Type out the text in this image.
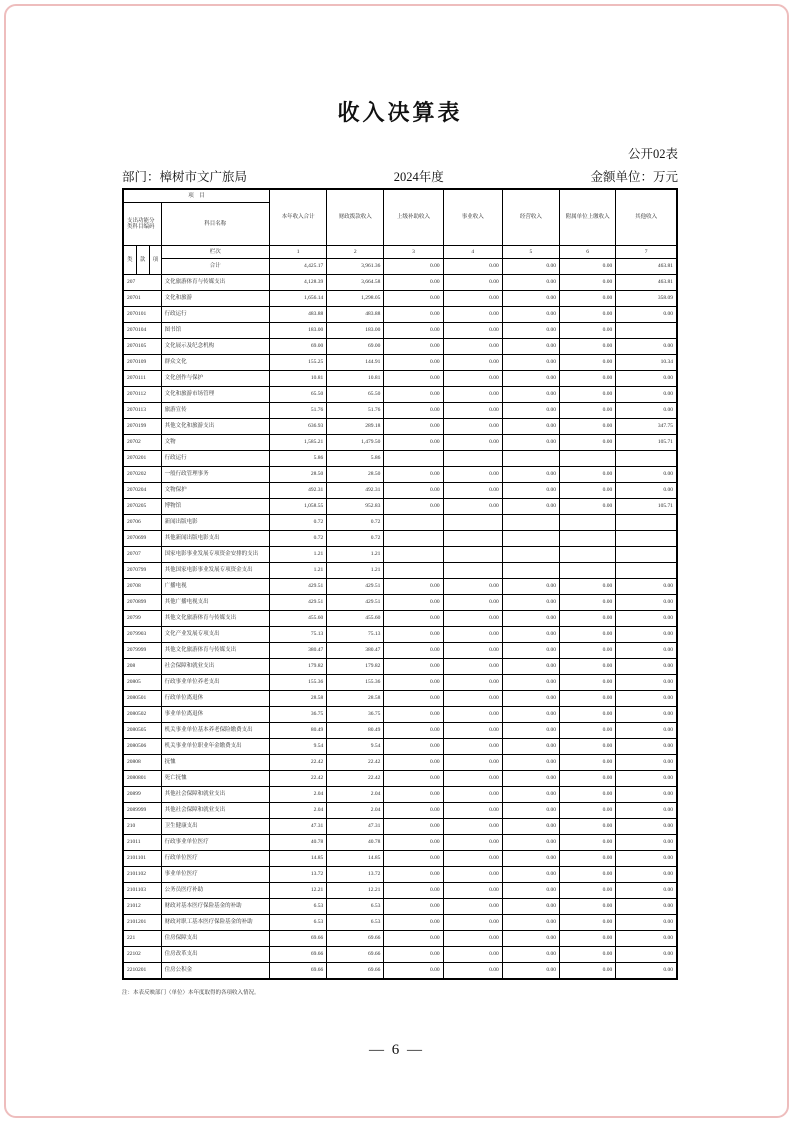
收入决算表
公开02表
部门：樟树市文广旅局	2024年度	金额单位：万元
项　目				本年收入合计	财政拨款收入	上级补助收入	事业收入	经营收入	附属单位上缴收入	其他收入
支出功能分 类科目编码			科目名称							
类	款	项	栏次	1	2	3	4	5	6	7
			合计	4,425.17	3,961.36	0.00	0.00	0.00	0.00	463.81
207			文化旅游体育与传媒支出	4,128.39	3,664.58	0.00	0.00	0.00	0.00	463.81
20701			文化和旅游	1,656.14	1,298.05	0.00	0.00	0.00	0.00	358.09
2070101			行政运行	483.88	483.88	0.00	0.00	0.00	0.00	0.00
2070104			图书馆	183.00	183.00	0.00	0.00	0.00	0.00	
2070105			文化展示及纪念机构	69.00	69.00	0.00	0.00	0.00	0.00	0.00
2070109			群众文化	155.25	144.91	0.00	0.00	0.00	0.00	10.34
2070111			文化创作与保护	10.81	10.81	0.00	0.00	0.00	0.00	0.00
2070112			文化和旅游市场管理	65.50	65.50	0.00	0.00	0.00	0.00	0.00
2070113			旅游宣传	51.76	51.76	0.00	0.00	0.00	0.00	0.00
2070199			其他文化和旅游支出	636.93	289.18	0.00	0.00	0.00	0.00	347.75
20702			文物	1,585.21	1,479.50	0.00	0.00	0.00	0.00	105.71
2070201			行政运行	5.86	5.86					
2070202			一般行政管理事务	28.50	28.50	0.00	0.00	0.00	0.00	0.00
2070204			文物保护	492.31	492.31	0.00	0.00	0.00	0.00	0.00
2070205			博物馆	1,058.55	952.83	0.00	0.00	0.00	0.00	105.71
20706			新闻出版电影	0.72	0.72					
2070699			其他新闻出版电影支出	0.72	0.72					
20707			国家电影事业发展专项资金安排的支出	1.21	1.21					
2070799			其他国家电影事业发展专项资金支出	1.21	1.21					
20708			广播电视	429.51	429.51	0.00	0.00	0.00	0.00	0.00
2070899			其他广播电视支出	429.51	429.51	0.00	0.00	0.00	0.00	0.00
20799			其他文化旅游体育与传媒支出	455.60	455.60	0.00	0.00	0.00	0.00	0.00
2079903			文化产业发展专项支出	75.13	75.13	0.00	0.00	0.00	0.00	0.00
2079999			其他文化旅游体育与传媒支出	380.47	380.47	0.00	0.00	0.00	0.00	0.00
208			社会保障和就业支出	179.82	179.82	0.00	0.00	0.00	0.00	0.00
20805			行政事业单位养老支出	155.36	155.36	0.00	0.00	0.00	0.00	0.00
2080501			行政单位离退休	28.58	28.58	0.00	0.00	0.00	0.00	0.00
2080502			事业单位离退休	36.75	36.75	0.00	0.00	0.00	0.00	0.00
2080505			机关事业单位基本养老保险缴费支出	80.49	80.49	0.00	0.00	0.00	0.00	0.00
2080506			机关事业单位职业年金缴费支出	9.54	9.54	0.00	0.00	0.00	0.00	0.00
20808			抚恤	22.42	22.42	0.00	0.00	0.00	0.00	0.00
2080801			死亡抚恤	22.42	22.42	0.00	0.00	0.00	0.00	0.00
20899			其他社会保障和就业支出	2.04	2.04	0.00	0.00	0.00	0.00	0.00
2089999			其他社会保障和就业支出	2.04	2.04	0.00	0.00	0.00	0.00	0.00
210			卫生健康支出	47.31	47.31	0.00	0.00	0.00	0.00	0.00
21011			行政事业单位医疗	40.78	40.78	0.00	0.00	0.00	0.00	0.00
2101101			行政单位医疗	14.85	14.85	0.00	0.00	0.00	0.00	0.00
2101102			事业单位医疗	13.72	13.72	0.00	0.00	0.00	0.00	0.00
2101103			公务员医疗补助	12.21	12.21	0.00	0.00	0.00	0.00	0.00
21012			财政对基本医疗保险基金的补助	6.53	6.53	0.00	0.00	0.00	0.00	0.00
2101201			财政对职工基本医疗保险基金的补助	6.53	6.53	0.00	0.00	0.00	0.00	0.00
221			住房保障支出	69.66	69.66	0.00	0.00	0.00	0.00	0.00
22102			住房改革支出	69.66	69.66	0.00	0.00	0.00	0.00	0.00
2210201			住房公积金	69.66	69.66	0.00	0.00	0.00	0.00	0.00
注：本表反映部门（单位）本年度取得的各项收入情况。
— 6 —
